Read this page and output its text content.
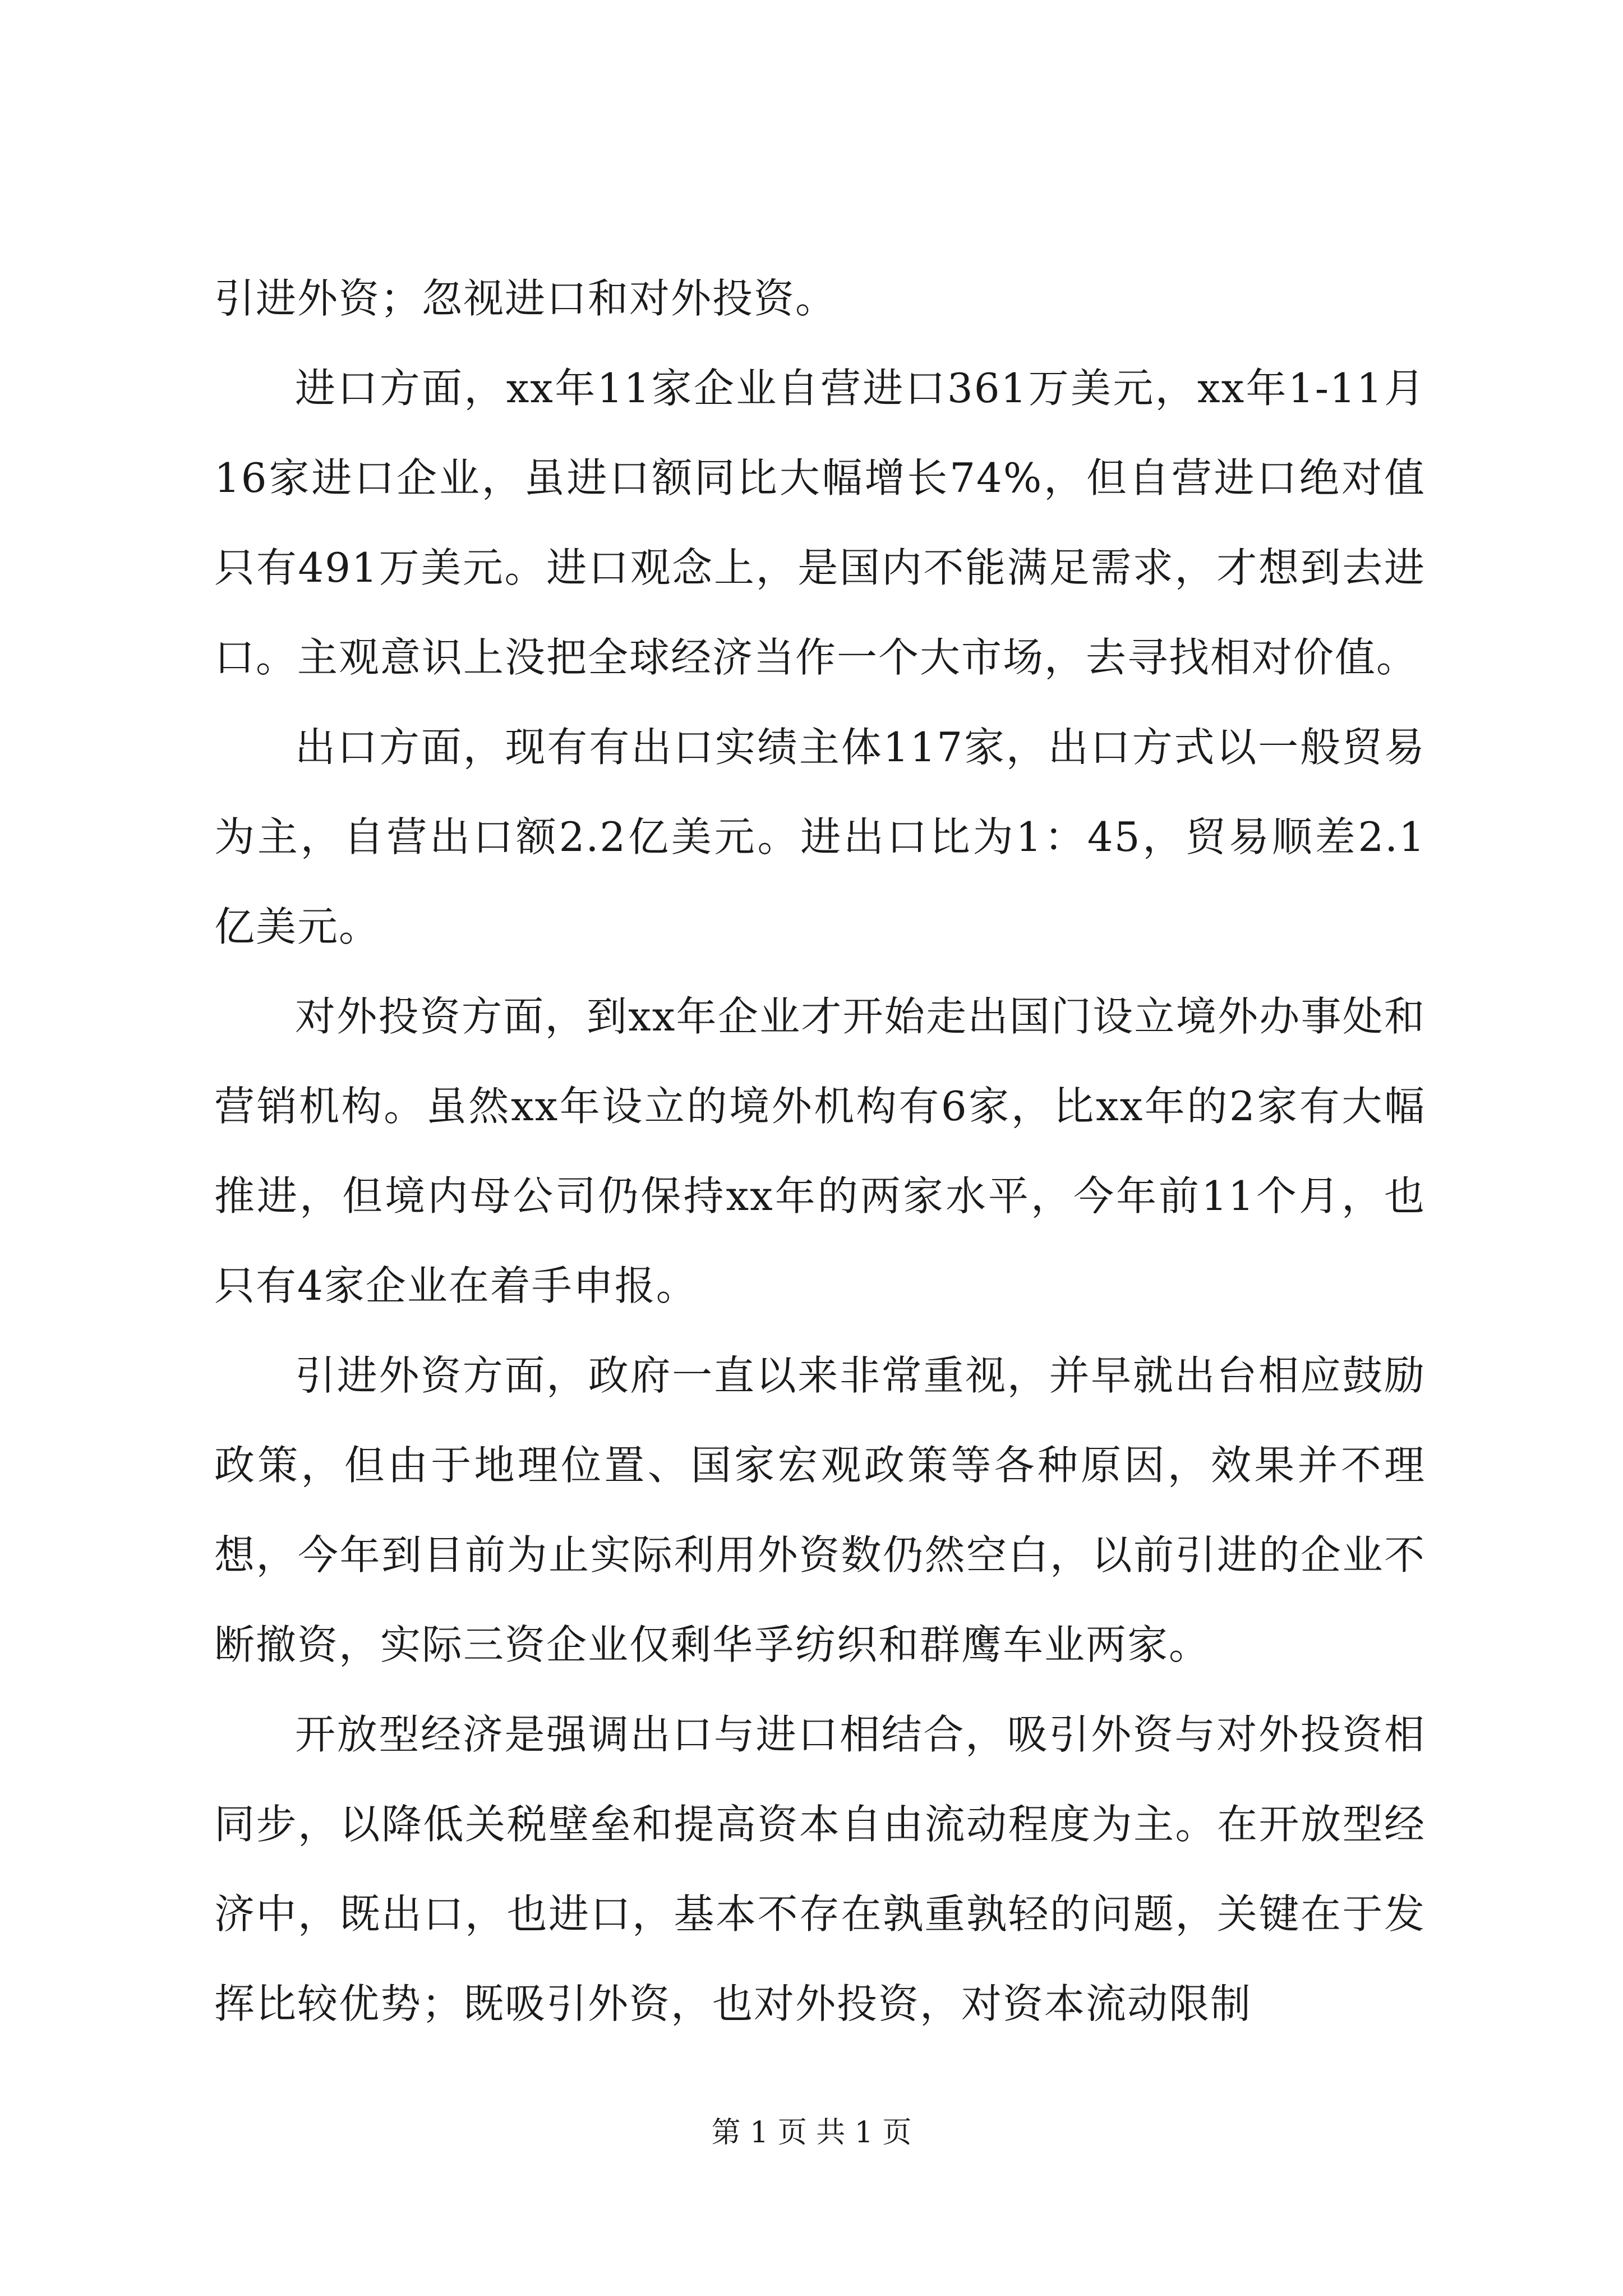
引进外资；忽视进口和对外投资。

进口方面，xx年11家企业自营进口361万美元，xx年1-11月16家进口企业，虽进口额同比大幅增长74%，但自营进口绝对值只有491万美元。进口观念上，是国内不能满足需求，才想到去进口。主观意识上没把全球经济当作一个大市场，去寻找相对价值。

出口方面，现有有出口实绩主体117家，出口方式以一般贸易为主，自营出口额2.2亿美元。进出口比为1：45，贸易顺差2.1亿美元。

对外投资方面，到xx年企业才开始走出国门设立境外办事处和营销机构。虽然xx年设立的境外机构有6家，比xx年的2家有大幅推进，但境内母公司仍保持xx年的两家水平，今年前11个月，也只有4家企业在着手申报。

引进外资方面，政府一直以来非常重视，并早就出台相应鼓励政策，但由于地理位置、国家宏观政策等各种原因，效果并不理想，今年到目前为止实际利用外资数仍然空白，以前引进的企业不断撤资，实际三资企业仅剩华孚纺织和群鹰车业两家。

开放型经济是强调出口与进口相结合，吸引外资与对外投资相同步，以降低关税壁垒和提高资本自由流动程度为主。在开放型经济中，既出口，也进口，基本不存在孰重孰轻的问题，关键在于发挥比较优势；既吸引外资，也对外投资，对资本流动限制

第 1 页 共 1 页
